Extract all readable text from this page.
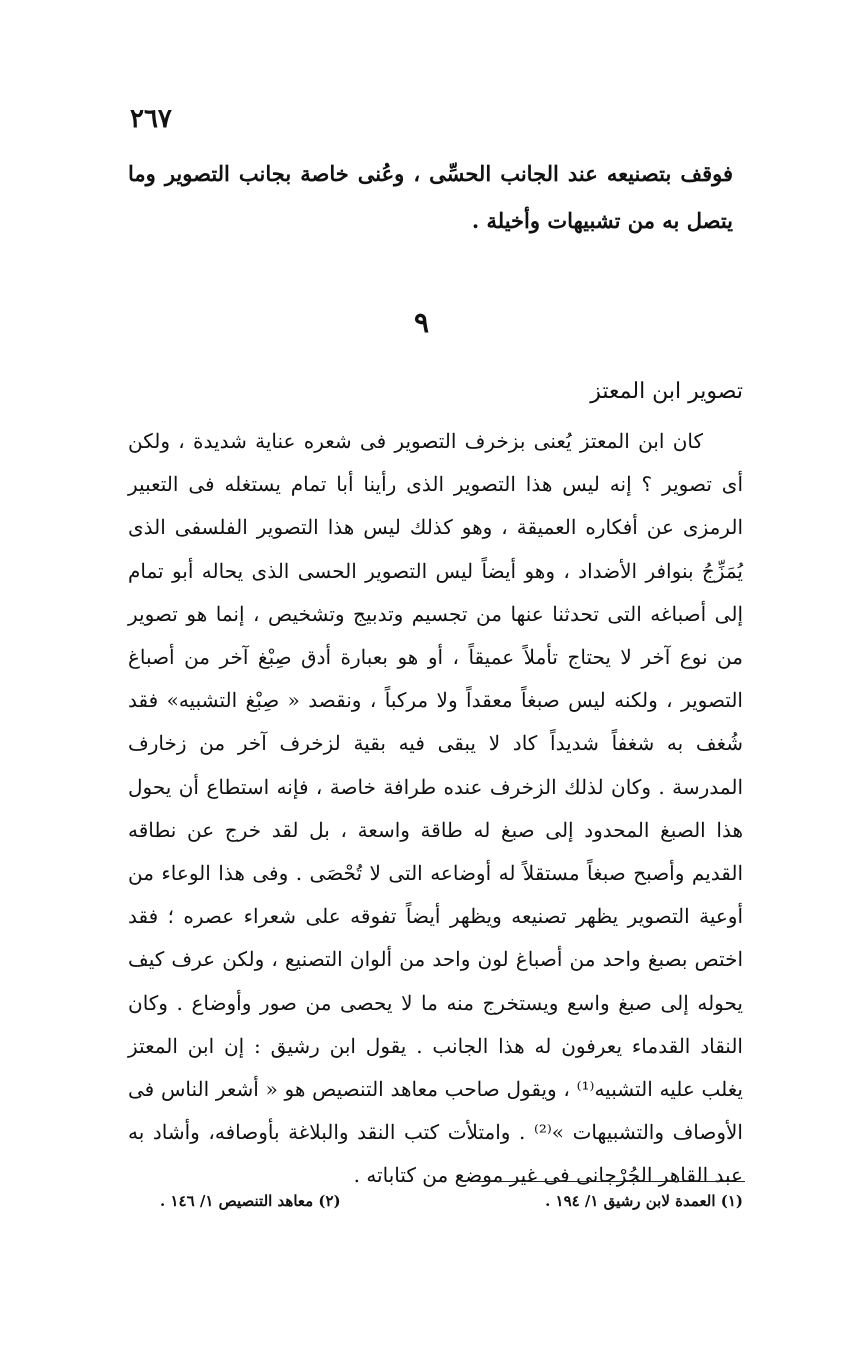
٢٦٧
فوقف بتصنيعه عند الجانب الحسِّى ، وعُنى خاصة بجانب التصوير وما يتصل به من تشبيهات وأخيلة .
٩
تصوير ابن المعتز

كان ابن المعتز يُعنى بزخرف التصوير فى شعره عناية شديدة ، ولكن أى تصوير ؟ إنه ليس هذا التصوير الذى رأينا أبا تمام يستغله فى التعبير الرمزى عن أفكاره العميقة ، وهو كذلك ليس هذا التصوير الفلسفى الذى يُمَزِّجُ بنوافر الأضداد ، وهو أيضاً ليس التصوير الحسى الذى يحاله أبو تمام إلى أصباغه التى تحدثنا عنها من تجسيم وتدبيج وتشخيص ، إنما هو تصوير من نوع آخر لا يحتاج تأملاً عميقاً ، أو هو بعبارة أدق صِبْغ آخر من أصباغ التصوير ، ولكنه ليس صبغاً معقداً ولا مركباً ، ونقصد « صِبْغ التشبيه» فقد شُغف به شغفاً شديداً كاد لا يبقى فيه بقية لزخرف آخر من زخارف المدرسة . وكان لذلك الزخرف عنده طرافة خاصة ، فإنه استطاع أن يحول هذا الصبغ المحدود إلى صبغ له طاقة واسعة ، بل لقد خرج عن نطاقه القديم وأصبح صبغاً مستقلاً له أوضاعه التى لا تُحْصَى . وفى هذا الوعاء من أوعية التصوير يظهر تصنيعه ويظهر أيضاً تفوقه على شعراء عصره ؛ فقد اختص بصبغ واحد من أصباغ لون واحد من ألوان التصنيع ، ولكن عرف كيف يحوله إلى صبغ واسع ويستخرج منه ما لا يحصى من صور وأوضاع . وكان النقاد القدماء يعرفون له هذا الجانب . يقول ابن رشيق : إن ابن المعتز يغلب عليه التشبيه⁽¹⁾ ، ويقول صاحب معاهد التنصيص هو « أشعر الناس فى الأوصاف والتشبيهات »⁽²⁾ . وامتلأت كتب النقد والبلاغة بأوصافه، وأشاد به عبد القاهر الجُرْجانى فى غير موضع من كتاباته .

(١) العمدة لابن رشيق ١/ ١٩٤ .
(٢) معاهد التنصيص ١/ ١٤٦ .
